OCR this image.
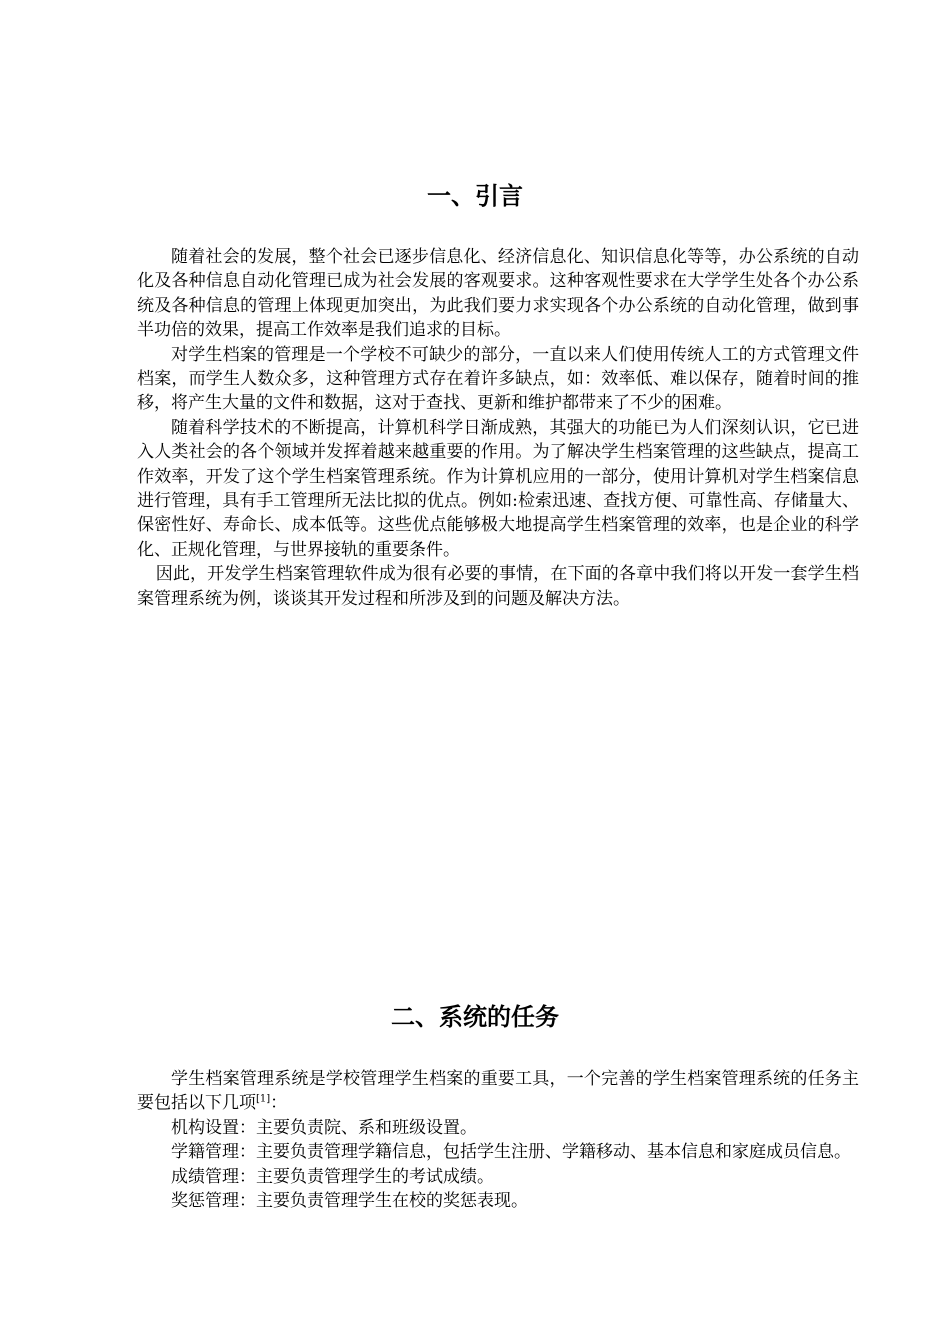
一、引言

随着社会的发展，整个社会已逐步信息化、经济信息化、知识信息化等等，办公系统的自动化及各种信息自动化管理已成为社会发展的客观要求。这种客观性要求在大学学生处各个办公系统及各种信息的管理上体现更加突出，为此我们要力求实现各个办公系统的自动化管理，做到事半功倍的效果，提高工作效率是我们追求的目标。

对学生档案的管理是一个学校不可缺少的部分，一直以来人们使用传统人工的方式管理文件档案，而学生人数众多，这种管理方式存在着许多缺点，如：效率低、难以保存，随着时间的推移，将产生大量的文件和数据，这对于查找、更新和维护都带来了不少的困难。

随着科学技术的不断提高，计算机科学日渐成熟，其强大的功能已为人们深刻认识，它已进入人类社会的各个领域并发挥着越来越重要的作用。为了解决学生档案管理的这些缺点，提高工作效率，开发了这个学生档案管理系统。作为计算机应用的一部分，使用计算机对学生档案信息进行管理，具有手工管理所无法比拟的优点。例如:检索迅速、查找方便、可靠性高、存储量大、保密性好、寿命长、成本低等。这些优点能够极大地提高学生档案管理的效率，也是企业的科学化、正规化管理，与世界接轨的重要条件。

因此，开发学生档案管理软件成为很有必要的事情，在下面的各章中我们将以开发一套学生档案管理系统为例，谈谈其开发过程和所涉及到的问题及解决方法。

二、系统的任务

学生档案管理系统是学校管理学生档案的重要工具，一个完善的学生档案管理系统的任务主要包括以下几项[1]：

机构设置：主要负责院、系和班级设置。

学籍管理：主要负责管理学籍信息，包括学生注册、学籍移动、基本信息和家庭成员信息。

成绩管理：主要负责管理学生的考试成绩。

奖惩管理：主要负责管理学生在校的奖惩表现。
